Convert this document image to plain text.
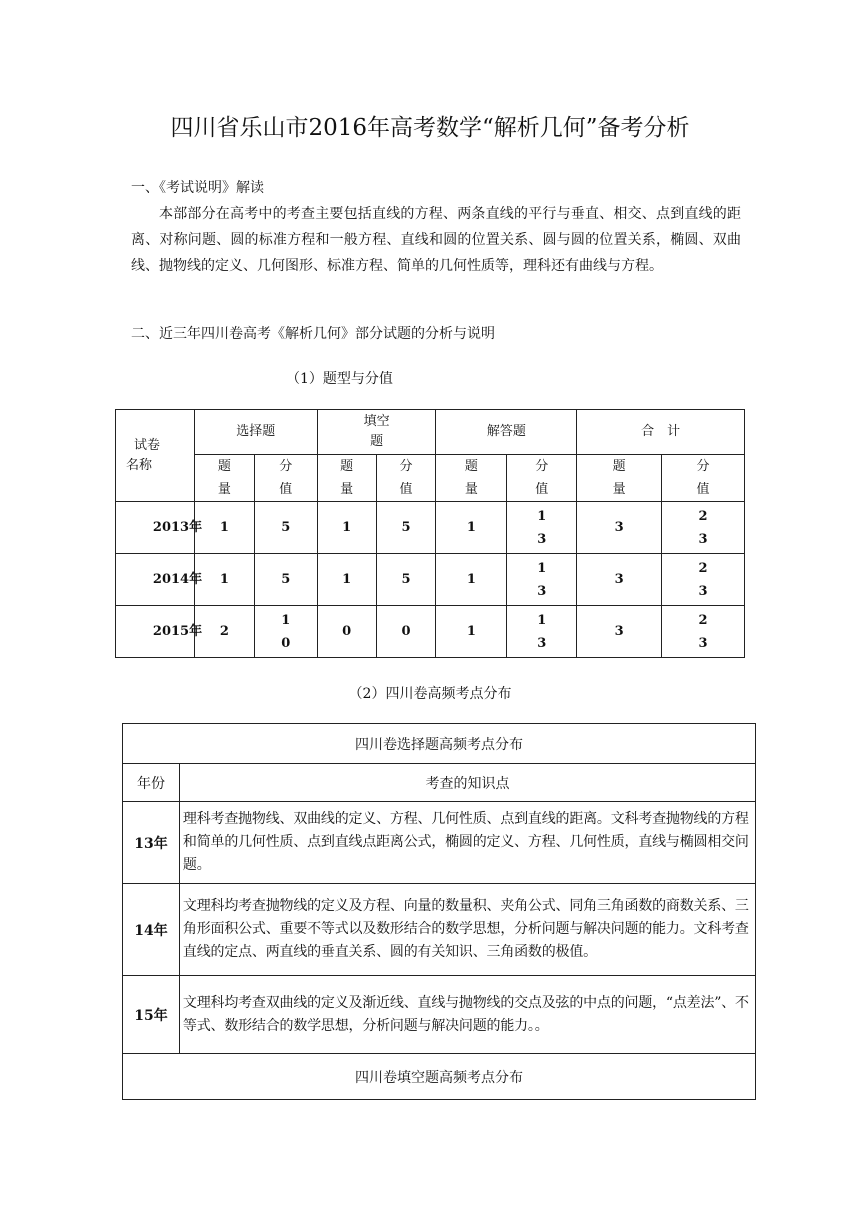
四川省乐山市2016年高考数学“解析几何”备考分析
一、《考试说明》解读
本部部分在高考中的考查主要包括直线的方程、两条直线的平行与垂直、相交、点到直线的距离、对称问题、圆的标准方程和一般方程、直线和圆的位置关系、圆与圆的位置关系，椭圆、双曲线、抛物线的定义、几何图形、标准方程、简单的几何性质等，理科还有曲线与方程。
二、近三年四川卷高考《解析几何》部分试题的分析与说明
（1）题型与分值
试卷
名称	选择题		填空题		解答题		合　计	
	题量	分值	题量	分值	题量	分值	题量	分值
2013年	1	5	1	5	1	13	3	23
2014年	1	5	1	5	1	13	3	23
2015年	2	10	0	0	1	13	3	23
（2）四川卷高频考点分布
四川卷选择题高频考点分布	
年份	考查的知识点
13年	理科考查抛物线、双曲线的定义、方程、几何性质、点到直线的距离。文科考查抛物线的方程和简单的几何性质、点到直线点距离公式，椭圆的定义、方程、几何性质，直线与椭圆相交问题。
14年	文理科均考查抛物线的定义及方程、向量的数量积、夹角公式、同角三角函数的商数关系、三角形面积公式、重要不等式以及数形结合的数学思想，分析问题与解决问题的能力。文科考查直线的定点、两直线的垂直关系、圆的有关知识、三角函数的极值。
15年	文理科均考查双曲线的定义及渐近线、直线与抛物线的交点及弦的中点的问题，“点差法”、不等式、数形结合的数学思想，分析问题与解决问题的能力。。
四川卷填空题高频考点分布	
